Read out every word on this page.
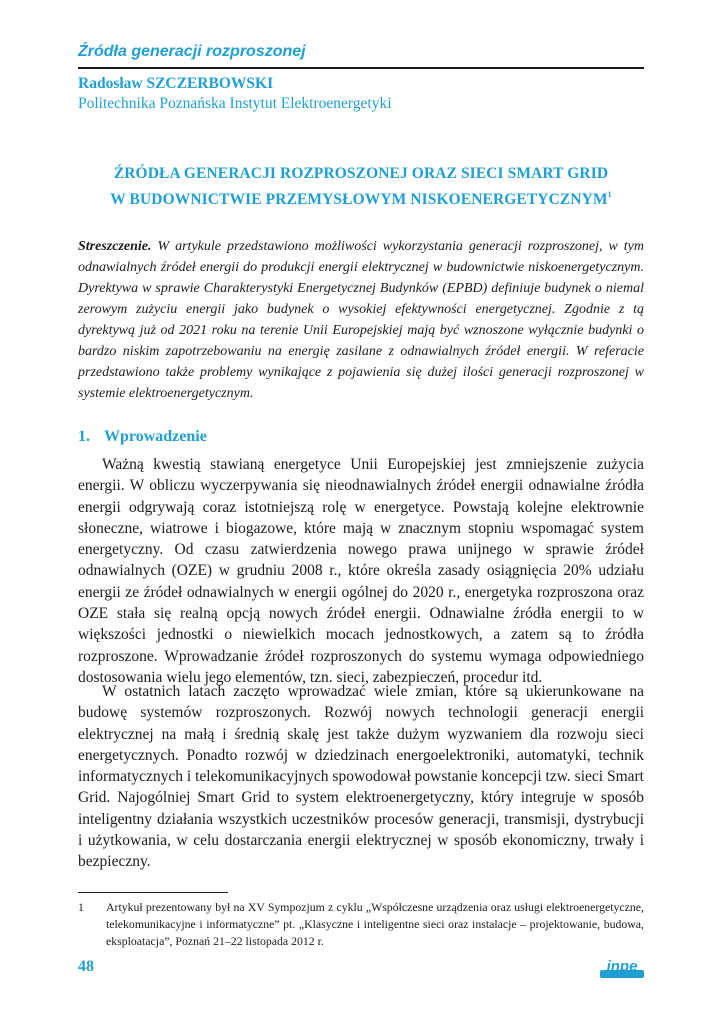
Źródła generacji rozproszonej
Radosław SZCZERBOWSKI
Politechnika Poznańska Instytut Elektroenergetyki
ŹRÓDŁA GENERACJI ROZPROSZONEJ ORAZ SIECI SMART GRID
W BUDOWNICTWIE PRZEMYSŁOWYM NISKOENERGETYCZNYM$^1$
Streszczenie. W artykule przedstawiono możliwości wykorzystania generacji rozproszonej, w tym odnawialnych źródeł energii do produkcji energii elektrycznej w budownictwie niskoenergetycznym. Dyrektywa w sprawie Charakterystyki Energetycznej Budynków (EPBD) definiuje budynek o niemal zerowym zużyciu energii jako budynek o wysokiej efektywności energetycznej. Zgodnie z tą dyrektywą już od 2021 roku na terenie Unii Europejskiej mają być wznoszone wyłącznie budynki o bardzo niskim zapotrzebowaniu na energię zasilane z odnawialnych źródeł energii. W referacie przedstawiono także problemy wynikające z pojawienia się dużej ilości generacji rozproszonej w systemie elektroenergetycznym.
1. Wprowadzenie
Ważną kwestią stawianą energetyce Unii Europejskiej jest zmniejszenie zużycia energii. W obliczu wyczerpywania się nieodnawialnych źródeł energii odnawialne źródła energii odgrywają coraz istotniejszą rolę w energetyce. Powstają kolejne elektrownie słoneczne, wiatrowe i biogazowe, które mają w znacznym stopniu wspomagać system energetyczny. Od czasu zatwierdzenia nowego prawa unijnego w sprawie źródeł odnawialnych (OZE) w grudniu 2008 r., które określa zasady osiągnięcia 20% udziału energii ze źródeł odnawialnych w energii ogólnej do 2020 r., energetyka rozproszona oraz OZE stała się realną opcją nowych źródeł energii. Odnawialne źródła energii to w większości jednostki o niewielkich mocach jednostkowych, a zatem są to źródła rozproszone. Wprowadzanie źródeł rozproszonych do systemu wymaga odpowiedniego dostosowania wielu jego elementów, tzn. sieci, zabezpieczeń, procedur itd.
W ostatnich latach zaczęto wprowadzać wiele zmian, które są ukierunkowane na budowę systemów rozproszonych. Rozwój nowych technologii generacji energii elektrycznej na małą i średnią skalę jest także dużym wyzwaniem dla rozwoju sieci energetycznych. Ponadto rozwój w dziedzinach energoelektroniki, automatyki, technik informatycznych i telekomunikacyjnych spowodował powstanie koncepcji tzw. sieci Smart Grid. Najogólniej Smart Grid to system elektroenergetyczny, który integruje w sposób inteligentny działania wszystkich uczestników procesów generacji, transmisji, dystrybucji i użytkowania, w celu dostarczania energii elektrycznej w sposób ekonomiczny, trwały i bezpieczny.
1 Artykuł prezentowany był na XV Sympozjum z cyklu „Współczesne urządzenia oraz usługi elektroenergetyczne, telekomunikacyjne i informatyczne” pt. „Klasyczne i inteligentne sieci oraz instalacje – projektowanie, budowa, eksploatacja”, Poznań 21–22 listopada 2012 r.
48	inpe
